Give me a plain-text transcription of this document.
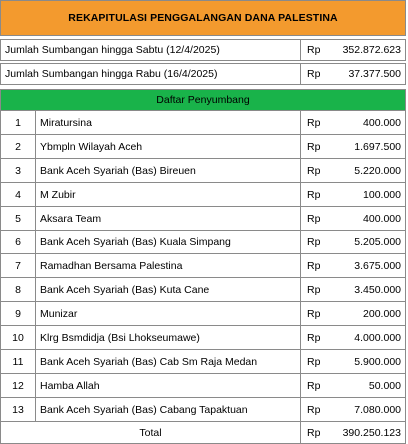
REKAPITULASI PENGGALANGAN DANA PALESTINA
Jumlah Sumbangan hingga Sabtu (12/4/2025)	Rp	352.872.623
Jumlah Sumbangan hingga Rabu (16/4/2025)	Rp	37.377.500
Daftar Penyumbang
1	Miratursina	Rp	400.000
2	Ybmpln Wilayah Aceh	Rp	1.697.500
3	Bank Aceh Syariah (Bas) Bireuen	Rp	5.220.000
4	M Zubir	Rp	100.000
5	Aksara Team	Rp	400.000
6	Bank Aceh Syariah (Bas) Kuala Simpang	Rp	5.205.000
7	Ramadhan Bersama Palestina	Rp	3.675.000
8	Bank Aceh Syariah (Bas) Kuta Cane	Rp	3.450.000
9	Munizar	Rp	200.000
10	Klrg Bsmdidja (Bsi Lhokseumawe)	Rp	4.000.000
11	Bank Aceh Syariah (Bas) Cab Sm Raja Medan	Rp	5.900.000
12	Hamba Allah	Rp	50.000
13	Bank Aceh Syariah (Bas) Cabang Tapaktuan	Rp	7.080.000
Total	Rp	390.250.123
